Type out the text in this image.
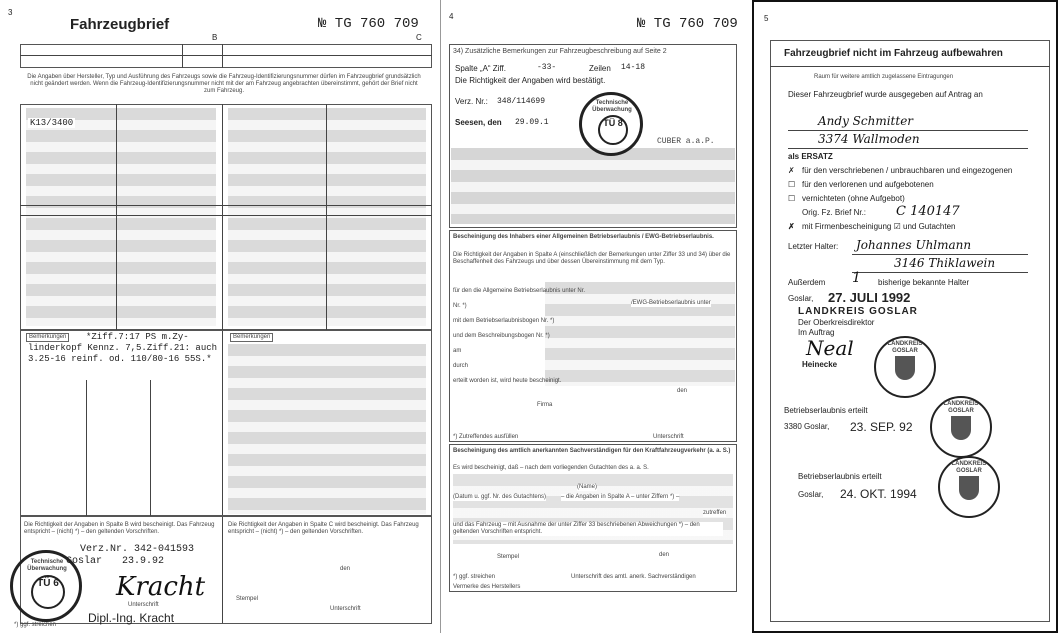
3
Fahrzeugbrief	№ TG 760 709
B	C
Die Angaben über Hersteller, Typ und Ausführung des Fahrzeugs sowie die Fahrzeug-Identifizierungsnummer dürfen im Fahrzeugbrief grundsätzlich nicht geändert werden. Wenn die Fahrzeug-Identifizierungsnummer nicht mit der am Fahrzeug angebrachten übereinstimmt, gehört der Brief nicht zum Fahrzeug.
K13/3400
Bemerkungen	Bemerkungen
*Ziff.7:17 PS m.Zy-
linderkopf Kennz. 7,5.Ziff.21: auch 3.25-16 reinf. od. 110/80-16 55S.*
Die Richtigkeit der Angaben in Spalte B wird bescheinigt. Das Fahrzeug entspricht – (nicht) *) – den geltenden Vorschriften.
Verz.Nr. 342-041593
Goslar 23.9.92
Unterschrift
Dipl.-Ing. Kracht
*) ggf. streichen
Kracht
Die Richtigkeit der Angaben in Spalte C wird bescheinigt. Das Fahrzeug entspricht – (nicht) *) – den geltenden Vorschriften.
den
Stempel
Unterschrift
Technische Überwachung
TÜ 6
4	№ TG 760 709
34) Zusätzliche Bemerkungen zur Fahrzeugbeschreibung auf Seite 2
Spalte „A“ Ziff.	-33-	Zeilen 14-18
Die Richtigkeit der Angaben wird bestätigt.
Verz. Nr.: 348/114699
Seesen, den 29.09.1
CUBER a.a.P.
Technische Überwachung
TÜ 8
Bescheinigung des Inhabers einer Allgemeinen Betriebserlaubnis / EWG-Betriebserlaubnis.
Die Richtigkeit der Angaben in Spalte A (einschließlich der Bemerkungen unter Ziffer 33 und 34) über die Beschaffenheit des Fahrzeugs und über dessen Übereinstimmung mit dem Typ.
für den die Allgemeine Betriebserlaubnis unter Nr.
Nr. *)
mit dem Betriebserlaubnisbogen Nr. *)
und dem Beschreibungsbogen Nr. *)
am
durch
erteilt worden ist, wird heute bescheinigt.
/EWG-Betriebserlaubnis unter
den
Firma
*) Zutreffendes ausfüllen	Unterschrift
Bescheinigung des amtlich anerkannten Sachverständigen für den Kraftfahrzeugverkehr (a. a. S.)
Es wird bescheinigt, daß – nach dem vorliegenden Gutachten des a. a. S.
(Name)
(Datum u. ggf. Nr. des Gutachtens) – die Angaben in Spalte A – unter Ziffern *) –
zutreffen
und das Fahrzeug – mit Ausnahme der unter Ziffer 33 beschriebenen Abweichungen *) – den geltenden Vorschriften entspricht.
Stempel	den
*) ggf. streichen	Unterschrift des amtl. anerk. Sachverständigen
Vermerke des Herstellers
5
Fahrzeugbrief nicht im Fahrzeug aufbewahren
Raum für weitere amtlich zugelassene Eintragungen
Dieser Fahrzeugbrief wurde ausgegeben auf Antrag an
Andy Schmitter
3374 Wallmoden
als ERSATZ
✗ für den verschriebenen / unbrauchbaren und eingezogenen
☐ für den verlorenen und aufgebotenen
☐ vernichteten (ohne Aufgebot)
Orig. Fz. Brief Nr.: C 140147
✗ mit Firmenbescheinigung ☑ und Gutachten
Letzter Halter: Johannes Uhlmann
3146 Thiklawein
Außerdem 1 bisherige bekannte Halter
Goslar, 27. JULI 1992
LANDKREIS GOSLAR
Der Oberkreisdirektor
Im Auftrag
Neal
Heinecke
LANDKREIS GOSLAR
Betriebserlaubnis erteilt
3380 Goslar, 23. SEP. 92
LANDKREIS GOSLAR
Betriebserlaubnis erteilt
Goslar, 24. OKT. 1994
LANDKREIS GOSLAR
